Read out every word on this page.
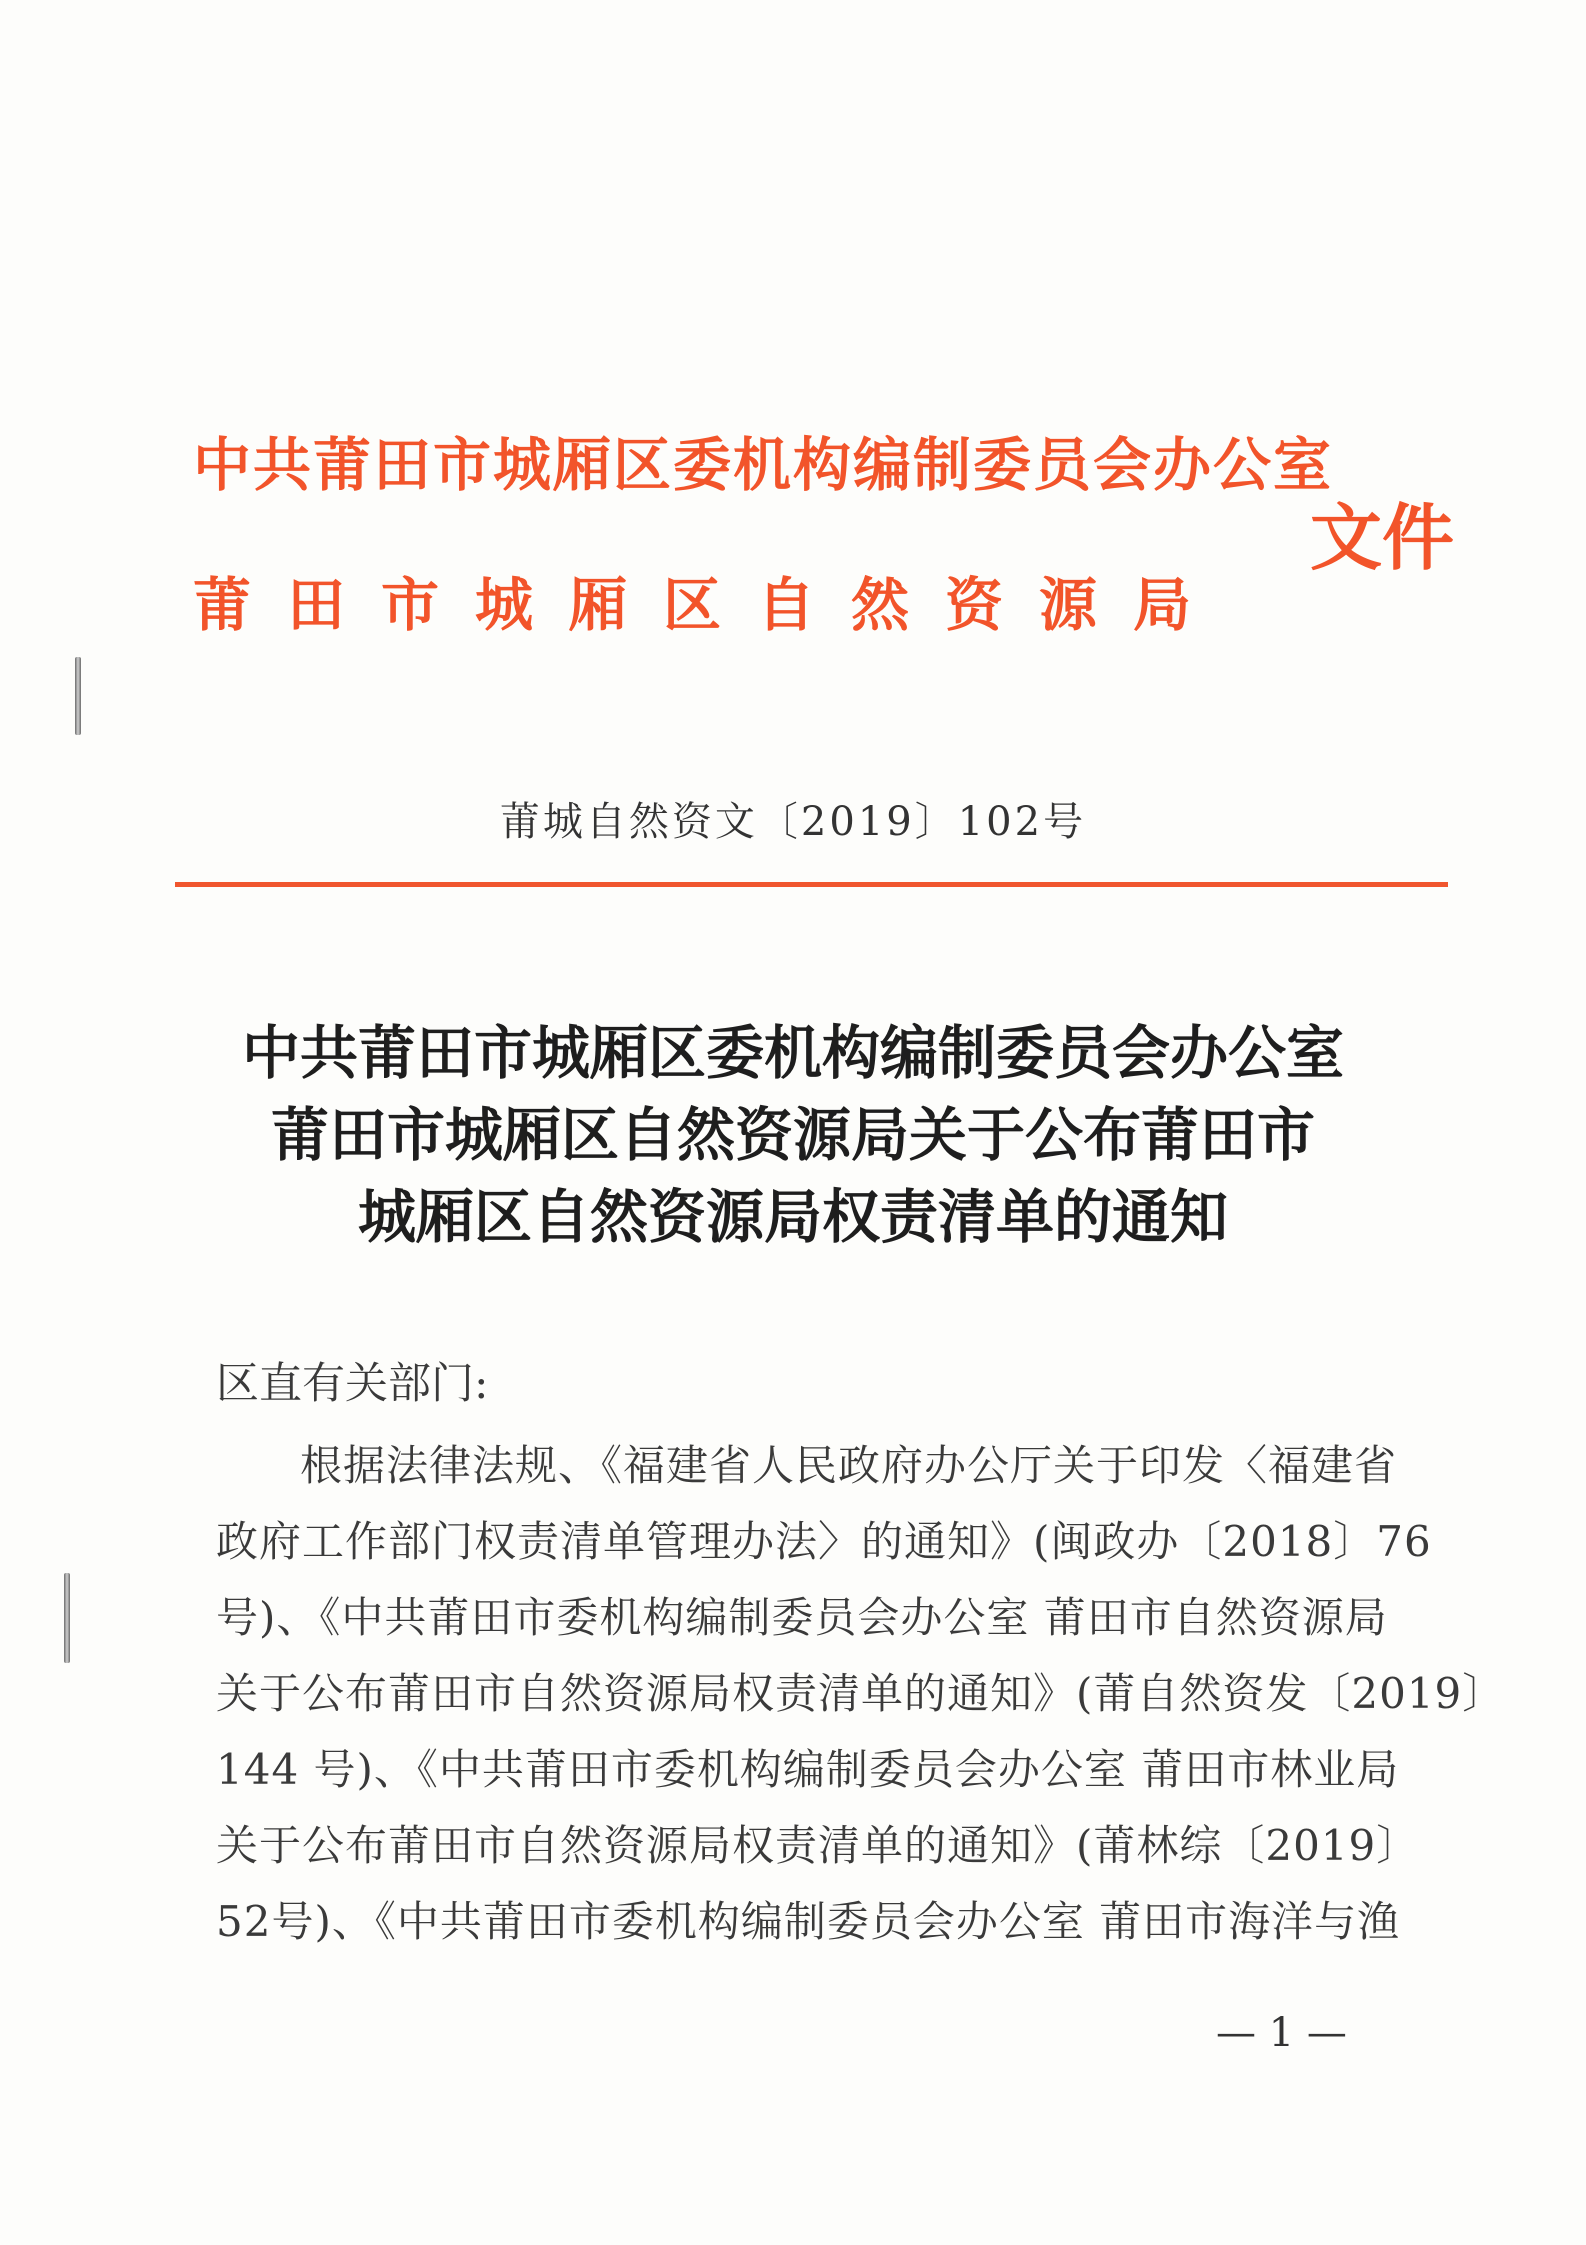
中共莆田市城厢区委机构编制委员会办公室
莆田市城厢区自然资源局
文件
莆城自然资文〔2019〕102号
中共莆田市城厢区委机构编制委员会办公室
莆田市城厢区自然资源局关于公布莆田市
城厢区自然资源局权责清单的通知
区直有关部门:
根据法律法规、《福建省人民政府办公厅关于印发〈福建省
政府工作部门权责清单管理办法〉的通知》(闽政办〔2018〕76
号)、《中共莆田市委机构编制委员会办公室 莆田市自然资源局
关于公布莆田市自然资源局权责清单的通知》(莆自然资发〔2019〕
144 号)、《中共莆田市委机构编制委员会办公室 莆田市林业局
关于公布莆田市自然资源局权责清单的通知》(莆林综〔2019〕
52号)、《中共莆田市委机构编制委员会办公室 莆田市海洋与渔
— 1 —
